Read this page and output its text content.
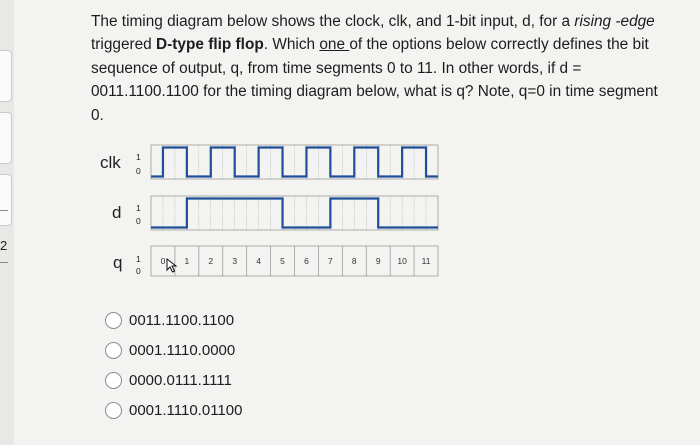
2

The timing diagram below shows the clock, clk, and 1-bit input, d, for a rising -edge triggered D-type flip flop. Which one of the options below correctly defines the bit sequence of output, q, from time segments 0 to 11. In other words, if d = 0011.1100.1100 for the timing diagram below, what is q? Note, q=0 in time segment 0.

clk 1
0
d 1
0
q 1
0
0	1	2	3	4	5	6	7	8	9	10	11
0011.1100.1100
0001.1110.0000
0000.0111.1111
0001.1110.01100
